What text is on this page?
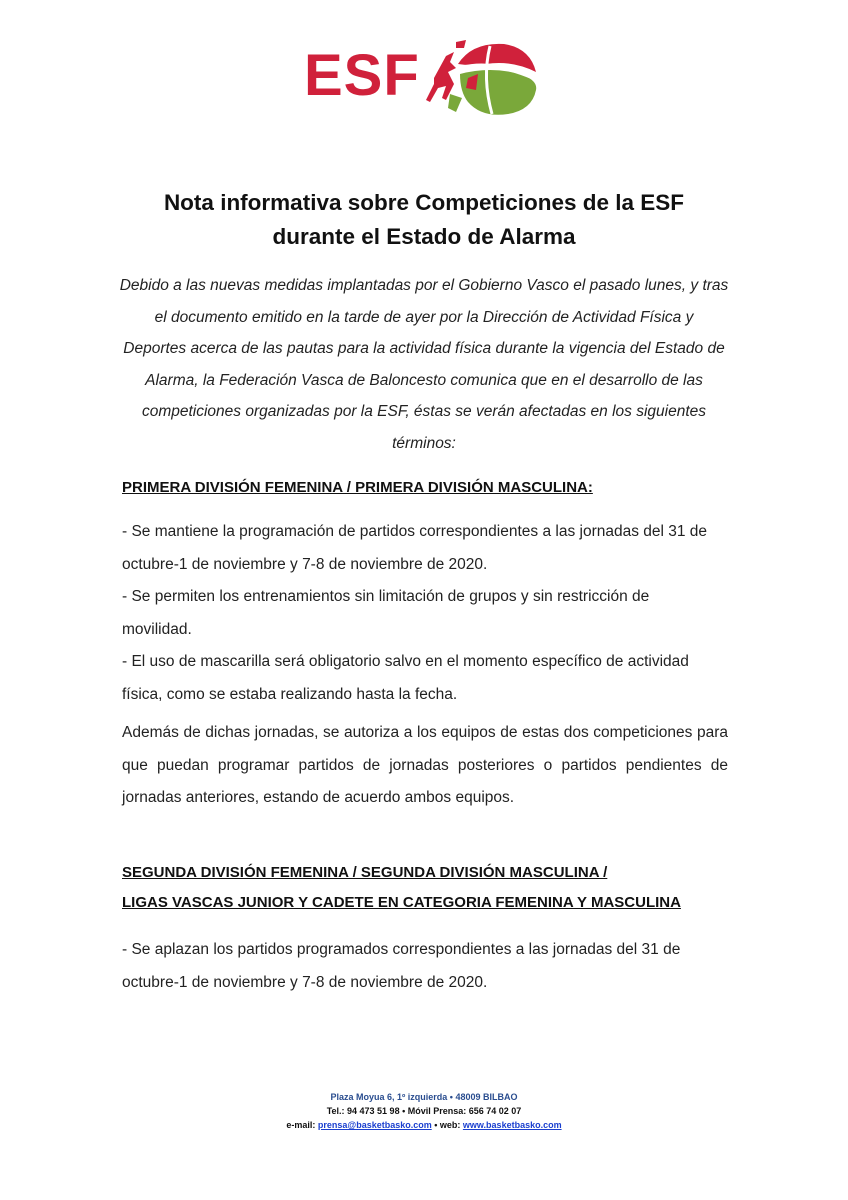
ESF
Nota informativa sobre Competiciones de la ESF
durante el Estado de Alarma
Debido a las nuevas medidas implantadas por el Gobierno Vasco el pasado lunes, y tras
el documento emitido en la tarde de ayer por la Dirección de Actividad Física y
Deportes acerca de las pautas para la actividad física durante la vigencia del Estado de
Alarma, la Federación Vasca de Baloncesto comunica que en el desarrollo de las
competiciones organizadas por la ESF, éstas se verán afectadas en los siguientes
términos:
PRIMERA DIVISIÓN FEMENINA / PRIMERA DIVISIÓN MASCULINA:
- Se mantiene la programación de partidos correspondientes a las jornadas del 31 de
octubre-1 de noviembre y 7-8 de noviembre de 2020.
- Se permiten los entrenamientos sin limitación de grupos y sin restricción de
movilidad.
- El uso de mascarilla será obligatorio salvo en el momento específico de actividad
física, como se estaba realizando hasta la fecha.
Además de dichas jornadas, se autoriza a los equipos de estas dos competiciones para que puedan programar partidos de jornadas posteriores o partidos pendientes de jornadas anteriores, estando de acuerdo ambos equipos.
SEGUNDA DIVISIÓN FEMENINA / SEGUNDA DIVISIÓN MASCULINA /
LIGAS VASCAS JUNIOR Y CADETE EN CATEGORIA FEMENINA Y MASCULINA
- Se aplazan los partidos programados correspondientes a las jornadas del 31 de
octubre-1 de noviembre y 7-8 de noviembre de 2020.
Plaza Moyua 6, 1º izquierda • 48009 BILBAO
Tel.: 94 473 51 98 • Móvil Prensa: 656 74 02 07
e-mail: prensa@basketbasko.com • web: www.basketbasko.com
